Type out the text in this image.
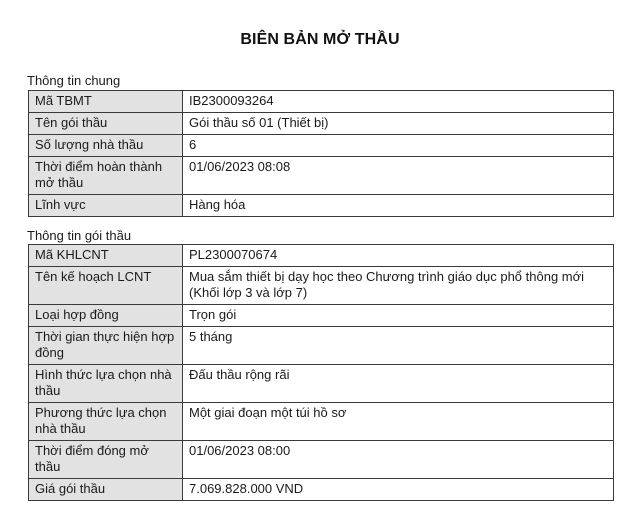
BIÊN BẢN MỞ THẦU
Thông tin chung
Mã TBMT	IB2300093264
Tên gói thầu	Gói thầu số 01 (Thiết bị)
Số lượng nhà thầu	6
Thời điểm hoàn thành mở thầu	01/06/2023 08:08
Lĩnh vực	Hàng hóa
Thông tin gói thầu
Mã KHLCNT	PL2300070674
Tên kế hoạch LCNT	Mua sắm thiết bị dạy học theo Chương trình giáo dục phổ thông mới (Khối lớp 3 và lớp 7)
Loại hợp đồng	Trọn gói
Thời gian thực hiện hợp đồng	5 tháng
Hình thức lựa chọn nhà thầu	Đấu thầu rộng rãi
Phương thức lựa chọn nhà thầu	Một giai đoạn một túi hồ sơ
Thời điểm đóng mở thầu	01/06/2023 08:00
Giá gói thầu	7.069.828.000 VND
